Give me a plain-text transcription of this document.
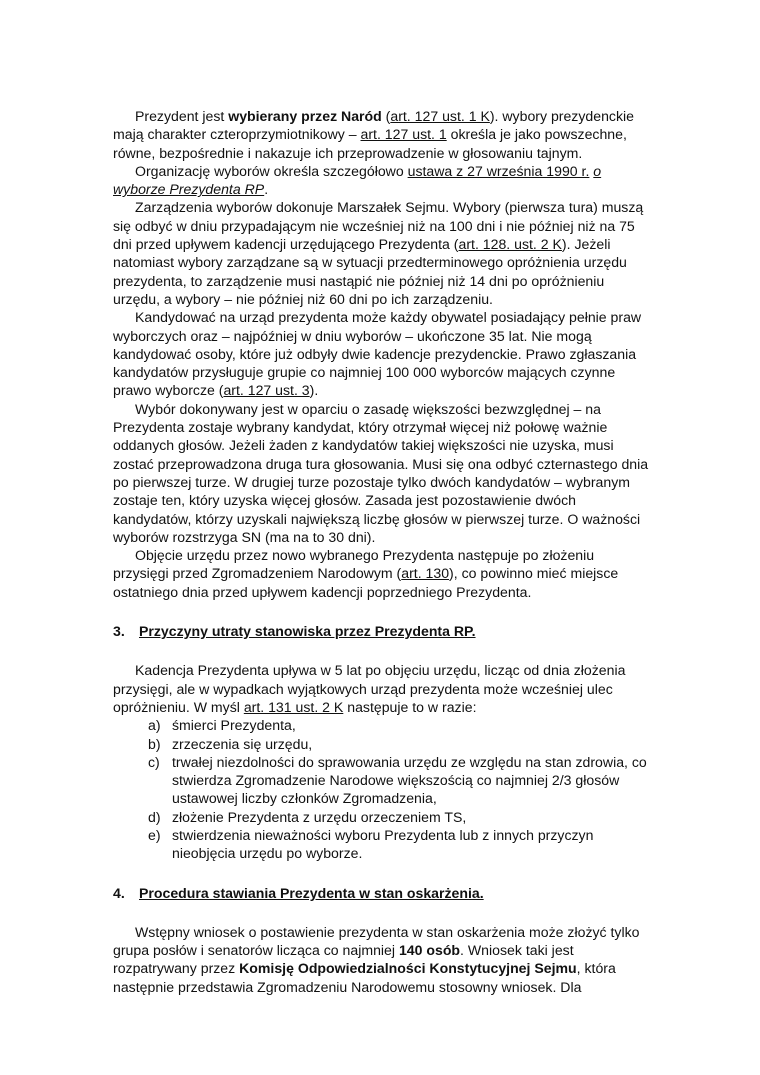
Prezydent jest wybierany przez Naród (art. 127 ust. 1 K). wybory prezydenckie mają charakter czteroprzymiotnikowy – art. 127 ust. 1 określa je jako powszechne, równe, bezpośrednie i nakazuje ich przeprowadzenie w głosowaniu tajnym.

Organizację wyborów określa szczegółowo ustawa z 27 września 1990 r. o wyborze Prezydenta RP.

Zarządzenia wyborów dokonuje Marszałek Sejmu. Wybory (pierwsza tura) muszą się odbyć w dniu przypadającym nie wcześniej niż na 100 dni i nie później niż na 75 dni przed upływem kadencji urzędującego Prezydenta (art. 128. ust. 2 K). Jeżeli natomiast wybory zarządzane są w sytuacji przedterminowego opróżnienia urzędu prezydenta, to zarządzenie musi nastąpić nie później niż 14 dni po opróżnieniu urzędu, a wybory – nie później niż 60 dni po ich zarządzeniu.

Kandydować na urząd prezydenta może każdy obywatel posiadający pełnie praw wyborczych oraz – najpóźniej w dniu wyborów – ukończone 35 lat. Nie mogą kandydować osoby, które już odbyły dwie kadencje prezydenckie. Prawo zgłaszania kandydatów przysługuje grupie co najmniej 100 000 wyborców mających czynne prawo wyborcze (art. 127 ust. 3).

Wybór dokonywany jest w oparciu o zasadę większości bezwzględnej – na Prezydenta zostaje wybrany kandydat, który otrzymał więcej niż połowę ważnie oddanych głosów. Jeżeli żaden z kandydatów takiej większości nie uzyska, musi zostać przeprowadzona druga tura głosowania. Musi się ona odbyć czternastego dnia po pierwszej turze. W drugiej turze pozostaje tylko dwóch kandydatów – wybranym zostaje ten, który uzyska więcej głosów. Zasada jest pozostawienie dwóch kandydatów, którzy uzyskali największą liczbę głosów w pierwszej turze. O ważności wyborów rozstrzyga SN (ma na to 30 dni).

Objęcie urzędu przez nowo wybranego Prezydenta następuje po złożeniu przysięgi przed Zgromadzeniem Narodowym (art. 130), co powinno mieć miejsce ostatniego dnia przed upływem kadencji poprzedniego Prezydenta.

3. Przyczyny utraty stanowiska przez Prezydenta RP.

Kadencja Prezydenta upływa w 5 lat po objęciu urzędu, licząc od dnia złożenia przysięgi, ale w wypadkach wyjątkowych urząd prezydenta może wcześniej ulec opróżnieniu. W myśl art. 131 ust. 2 K następuje to w razie:

a) śmierci Prezydenta,
b) zrzeczenia się urzędu,
c) trwałej niezdolności do sprawowania urzędu ze względu na stan zdrowia, co stwierdza Zgromadzenie Narodowe większością co najmniej 2/3 głosów ustawowej liczby członków Zgromadzenia,
d) złożenie Prezydenta z urzędu orzeczeniem TS,
e) stwierdzenia nieważności wyboru Prezydenta lub z innych przyczyn nieobjęcia urzędu po wyborze.
4. Procedura stawiania Prezydenta w stan oskarżenia.

Wstępny wniosek o postawienie prezydenta w stan oskarżenia może złożyć tylko grupa posłów i senatorów licząca co najmniej 140 osób. Wniosek taki jest rozpatrywany przez Komisję Odpowiedzialności Konstytucyjnej Sejmu, która następnie przedstawia Zgromadzeniu Narodowemu stosowny wniosek. Dla
